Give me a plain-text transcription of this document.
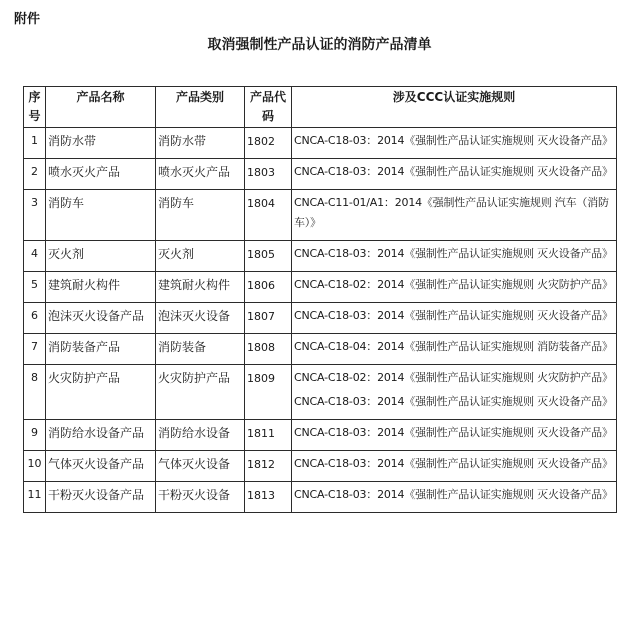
附件
取消强制性产品认证的消防产品清单
序号	产品名称	产品类别	产品代码	涉及CCC认证实施规则
1	消防水带	消防水带	1802	CNCA-C18-03：2014《强制性产品认证实施规则 灭火设备产品》

2	喷水灭火产品	喷水灭火产品	1803	CNCA-C18-03：2014《强制性产品认证实施规则 灭火设备产品》

3	消防车	消防车	1804	CNCA-C11-01/A1：2014《强制性产品认证实施规则 汽车（消防车）》

4	灭火剂	灭火剂	1805	CNCA-C18-03：2014《强制性产品认证实施规则 灭火设备产品》

5	建筑耐火构件	建筑耐火构件	1806	CNCA-C18-02：2014《强制性产品认证实施规则 火灾防护产品》

6	泡沫灭火设备产品	泡沫灭火设备	1807	CNCA-C18-03：2014《强制性产品认证实施规则 灭火设备产品》

7	消防装备产品	消防装备	1808	CNCA-C18-04：2014《强制性产品认证实施规则 消防装备产品》

8	火灾防护产品	火灾防护产品	1809	CNCA-C18-02：2014《强制性产品认证实施规则 火灾防护产品》

CNCA-C18-03：2014《强制性产品认证实施规则 灭火设备产品》

9	消防给水设备产品	消防给水设备	1811	CNCA-C18-03：2014《强制性产品认证实施规则 灭火设备产品》

10	气体灭火设备产品	气体灭火设备	1812	CNCA-C18-03：2014《强制性产品认证实施规则 灭火设备产品》

11	干粉灭火设备产品	干粉灭火设备	1813	CNCA-C18-03：2014《强制性产品认证实施规则 灭火设备产品》
